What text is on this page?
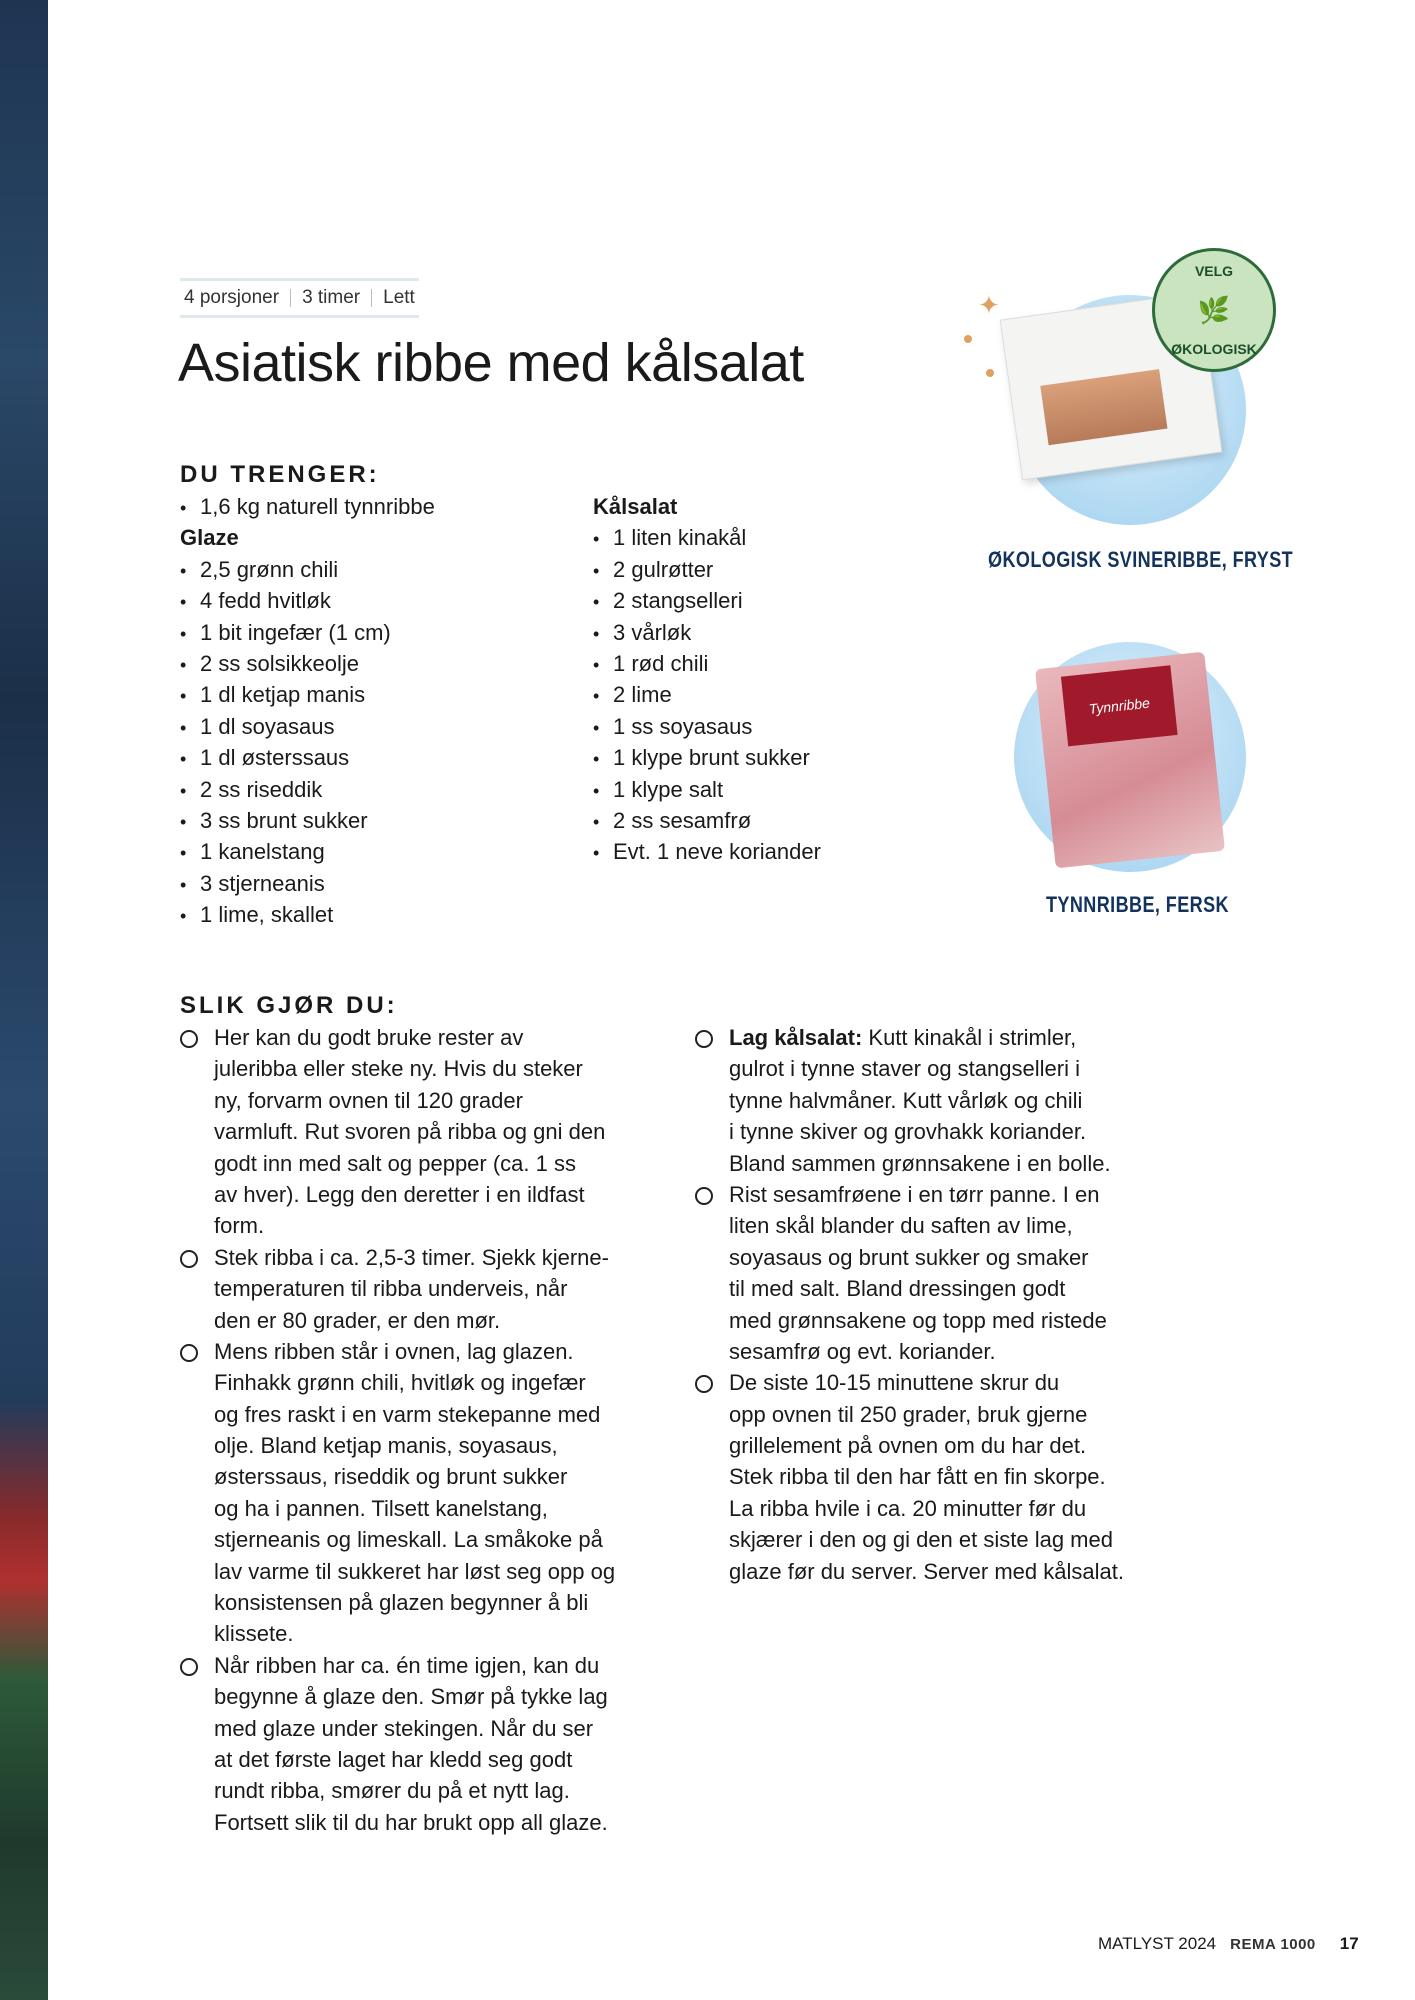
4 porsjoner 3 timer Lett
Asiatisk ribbe med kålsalat
DU TRENGER:
• 1,6 kg naturell tynnribbe
Glaze
• 2,5 grønn chili
• 4 fedd hvitløk
• 1 bit ingefær (1 cm)
• 2 ss solsikkeolje
• 1 dl ketjap manis
• 1 dl soyasaus
• 1 dl østerssaus
• 2 ss riseddik
• 3 ss brunt sukker
• 1 kanelstang
• 3 stjerneanis
• 1 lime, skallet
Kålsalat
• 1 liten kinakål
• 2 gulrøtter
• 2 stangselleri
• 3 vårløk
• 1 rød chili
• 2 lime
• 1 ss soyasaus
• 1 klype brunt sukker
• 1 klype salt
• 2 ss sesamfrø
• Evt. 1 neve koriander
SLIK GJØR DU:
Her kan du godt bruke rester av
juleribba eller steke ny. Hvis du steker
ny, forvarm ovnen til 120 grader
varmluft. Rut svoren på ribba og gni den
godt inn med salt og pepper (ca. 1 ss
av hver). Legg den deretter i en ildfast
form.
Stek ribba i ca. 2,5-3 timer. Sjekk kjerne-
temperaturen til ribba underveis, når
den er 80 grader, er den mør.
Mens ribben står i ovnen, lag glazen.
Finhakk grønn chili, hvitløk og ingefær
og fres raskt i en varm stekepanne med
olje. Bland ketjap manis, soyasaus,
østerssaus, riseddik og brunt sukker
og ha i pannen. Tilsett kanelstang,
stjerneanis og limeskall. La småkoke på
lav varme til sukkeret har løst seg opp og
konsistensen på glazen begynner å bli
klissete.
Når ribben har ca. én time igjen, kan du
begynne å glaze den. Smør på tykke lag
med glaze under stekingen. Når du ser
at det første laget har kledd seg godt
rundt ribba, smører du på et nytt lag.
Fortsett slik til du har brukt opp all glaze.
Lag kålsalat: Kutt kinakål i strimler,
gulrot i tynne staver og stangselleri i
tynne halvmåner. Kutt vårløk og chili
i tynne skiver og grovhakk koriander.
Bland sammen grønnsakene i en bolle.
Rist sesamfrøene i en tørr panne. I en
liten skål blander du saften av lime,
soyasaus og brunt sukker og smaker
til med salt. Bland dressingen godt
med grønnsakene og topp med ristede
sesamfrø og evt. koriander.
De siste 10-15 minuttene skrur du
opp ovnen til 250 grader, bruk gjerne
grillelement på ovnen om du har det.
Stek ribba til den har fått en fin skorpe.
La ribba hvile i ca. 20 minutter før du
skjærer i den og gi den et siste lag med
glaze før du server. Server med kålsalat.
✦
VELG
🌿
ØKOLOGISK
ØKOLOGISK SVINERIBBE, FRYST
Tynnribbe
TYNNRIBBE, FERSK
MATLYST 2024 REMA 1000 17
